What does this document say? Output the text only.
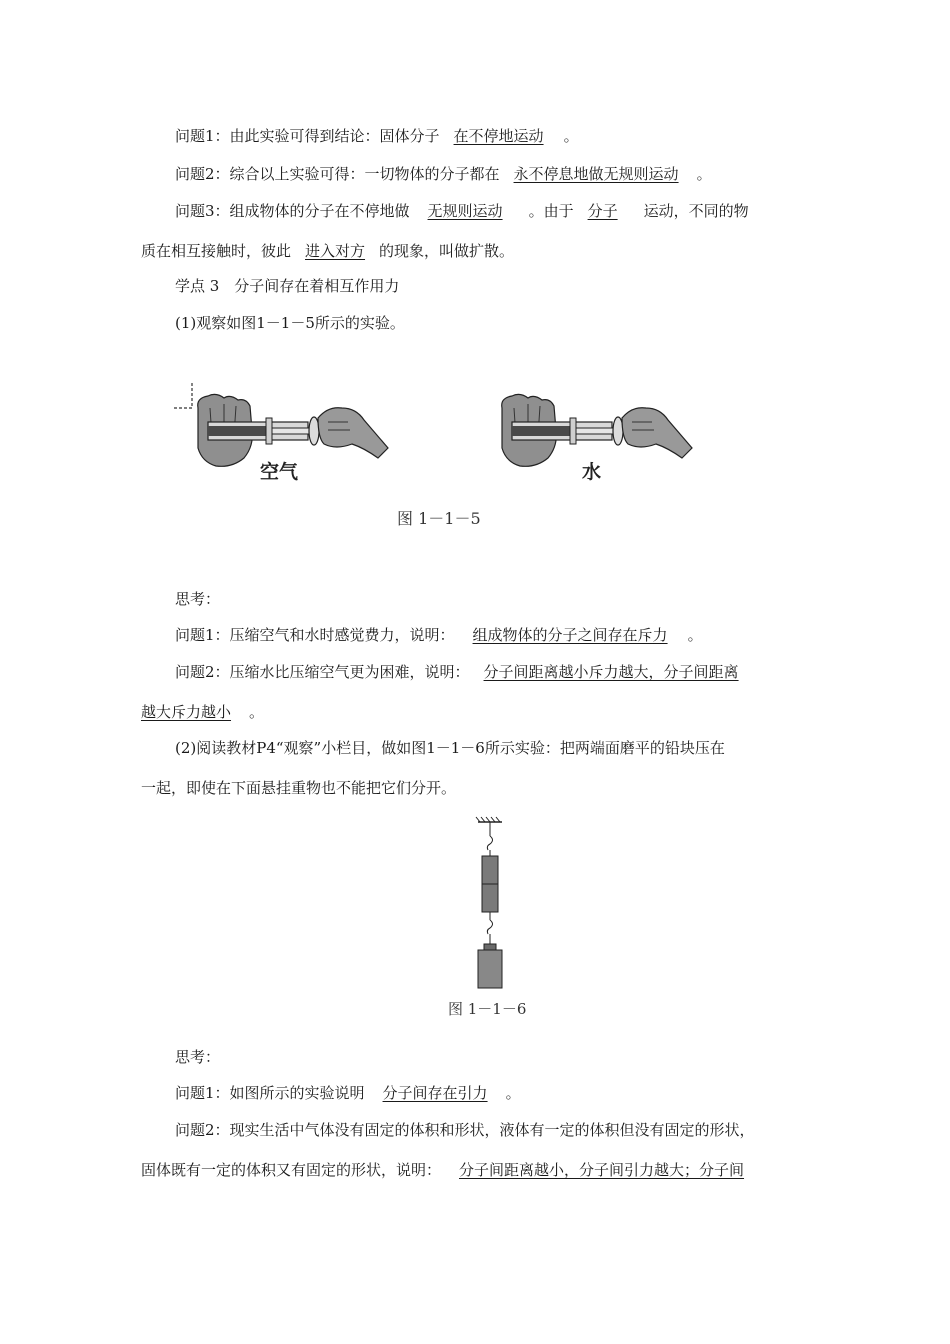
问题1：由此实验可得到结论：固体分子 在不停地运动 。
问题2：综合以上实验可得：一切物体的分子都在 永不停息地做无规则运动 。
问题3：组成物体的分子在不停地做 无规则运动 。由于 分子 运动，不同的物
质在相互接触时，彼此 进入对方 的现象，叫做扩散。
学点 3　分子间存在着相互作用力
(1)观察如图1－1－5所示的实验。
空气	水
图 1－1－5
思考：
问题1：压缩空气和水时感觉费力，说明： 组成物体的分子之间存在斥力 。
问题2：压缩水比压缩空气更为困难，说明： 分子间距离越小斥力越大，分子间距离
越大斥力越小 。
(2)阅读教材P4“观察”小栏目，做如图1－1－6所示实验：把两端面磨平的铅块压在
一起，即使在下面悬挂重物也不能把它们分开。
图 1－1－6
思考：
问题1：如图所示的实验说明 分子间存在引力 。
问题2：现实生活中气体没有固定的体积和形状，液体有一定的体积但没有固定的形状，
固体既有一定的体积又有固定的形状，说明： 分子间距离越小，分子间引力越大；分子间
